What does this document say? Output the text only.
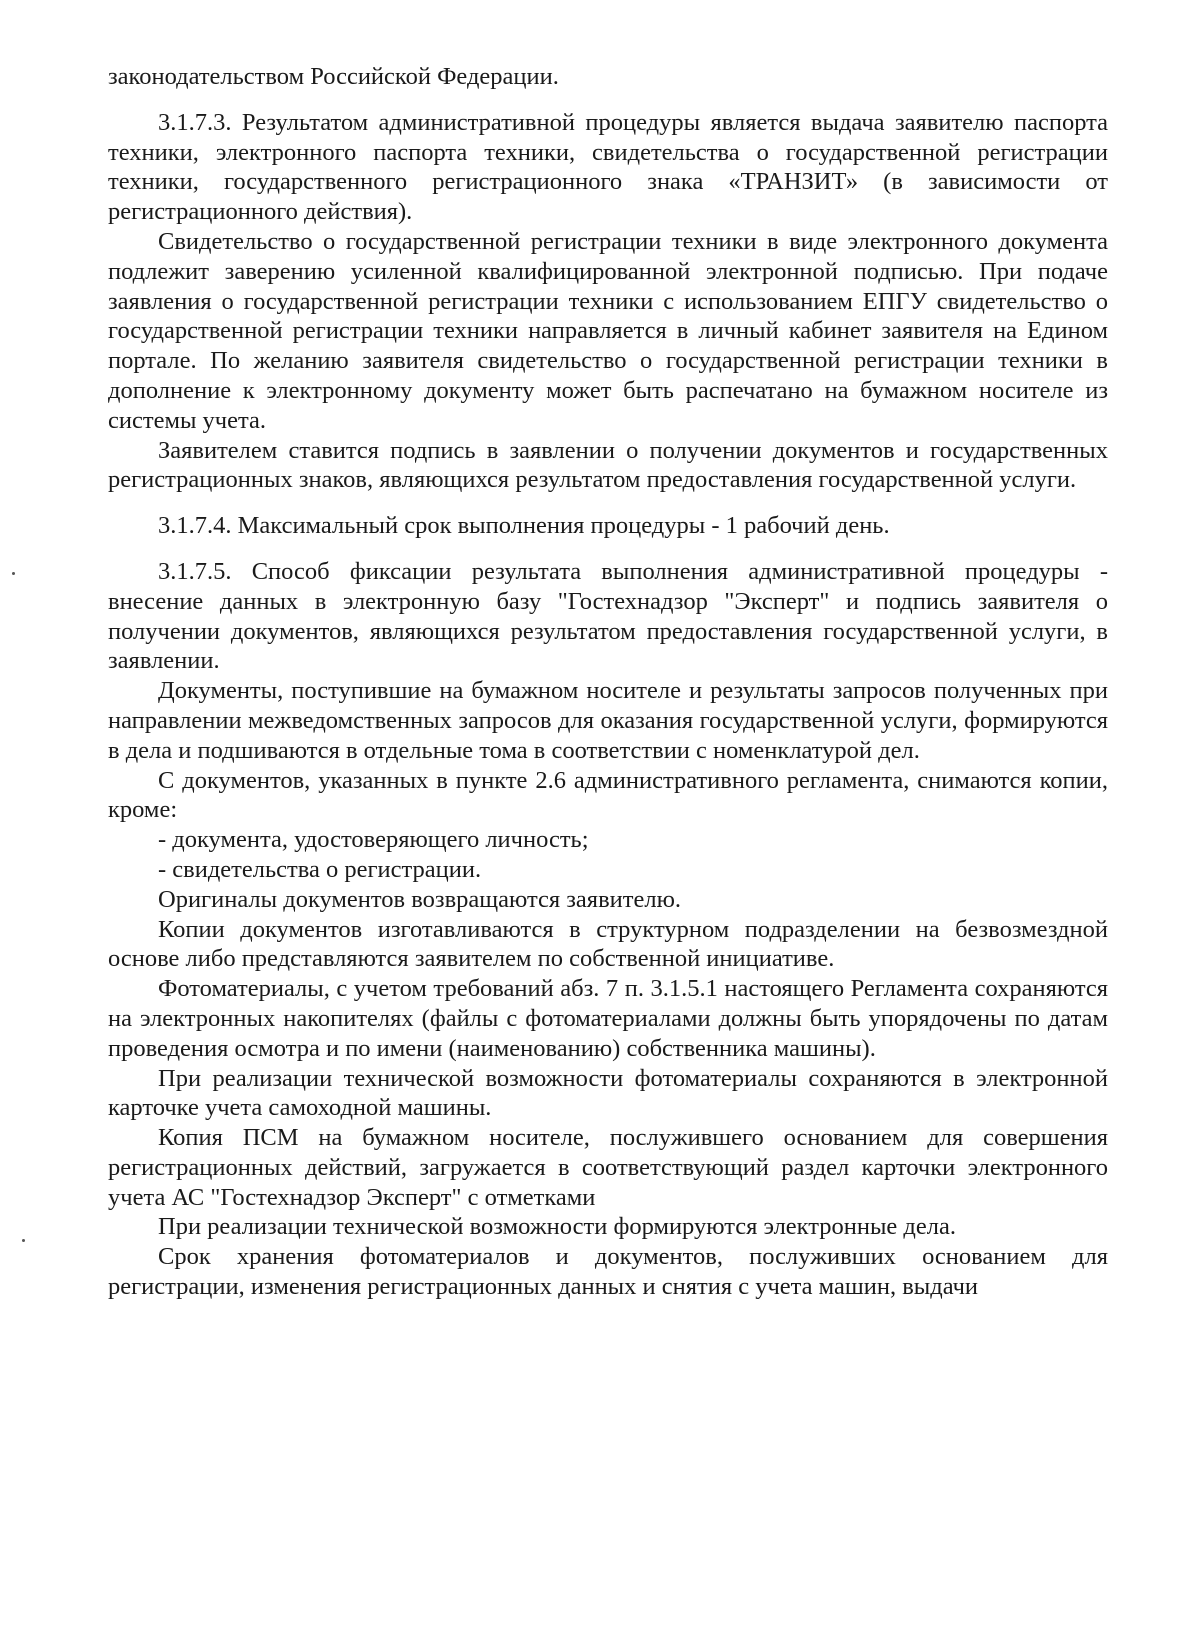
законодательством Российской Федерации.

3.1.7.3. Результатом административной процедуры является выдача заявителю паспорта техники, электронного паспорта техники, свидетельства о государственной регистрации техники, государственного регистрационного знака «ТРАНЗИТ» (в зависимости от регистрационного действия).

Свидетельство о государственной регистрации техники в виде электронного документа подлежит заверению усиленной квалифицированной электронной подписью. При подаче заявления о государственной регистрации техники с использованием ЕПГУ свидетельство о государственной регистрации техники направляется в личный кабинет заявителя на Едином портале. По желанию заявителя свидетельство о государственной регистрации техники в дополнение к электронному документу может быть распечатано на бумажном носителе из системы учета.

Заявителем ставится подпись в заявлении о получении документов и государственных регистрационных знаков, являющихся результатом предоставления государственной услуги.

3.1.7.4. Максимальный срок выполнения процедуры - 1 рабочий день.

3.1.7.5. Способ фиксации результата выполнения административной процедуры - внесение данных в электронную базу "Гостехнадзор "Эксперт" и подпись заявителя о получении документов, являющихся результатом предоставления государственной услуги, в заявлении.

Документы, поступившие на бумажном носителе и результаты запросов полученных при направлении межведомственных запросов для оказания государственной услуги, формируются в дела и подшиваются в отдельные тома в соответствии с номенклатурой дел.

С документов, указанных в пункте 2.6 административного регламента, снимаются копии, кроме:

- документа, удостоверяющего личность;

- свидетельства о регистрации.

Оригиналы документов возвращаются заявителю.

Копии документов изготавливаются в структурном подразделении на безвозмездной основе либо представляются заявителем по собственной инициативе.

Фотоматериалы, с учетом требований абз. 7 п. 3.1.5.1 настоящего Регламента сохраняются на электронных накопителях (файлы с фотоматериалами должны быть упорядочены по датам проведения осмотра и по имени (наименованию) собственника машины).

При реализации технической возможности фотоматериалы сохраняются в электронной карточке учета самоходной машины.

Копия ПСМ на бумажном носителе, послужившего основанием для совершения регистрационных действий, загружается в соответствующий раздел карточки электронного учета АС "Гостехнадзор Эксперт" с отметками

При реализации технической возможности формируются электронные дела.

Срок хранения фотоматериалов и документов, послуживших основанием для регистрации, изменения регистрационных данных и снятия с учета машин, выдачи
